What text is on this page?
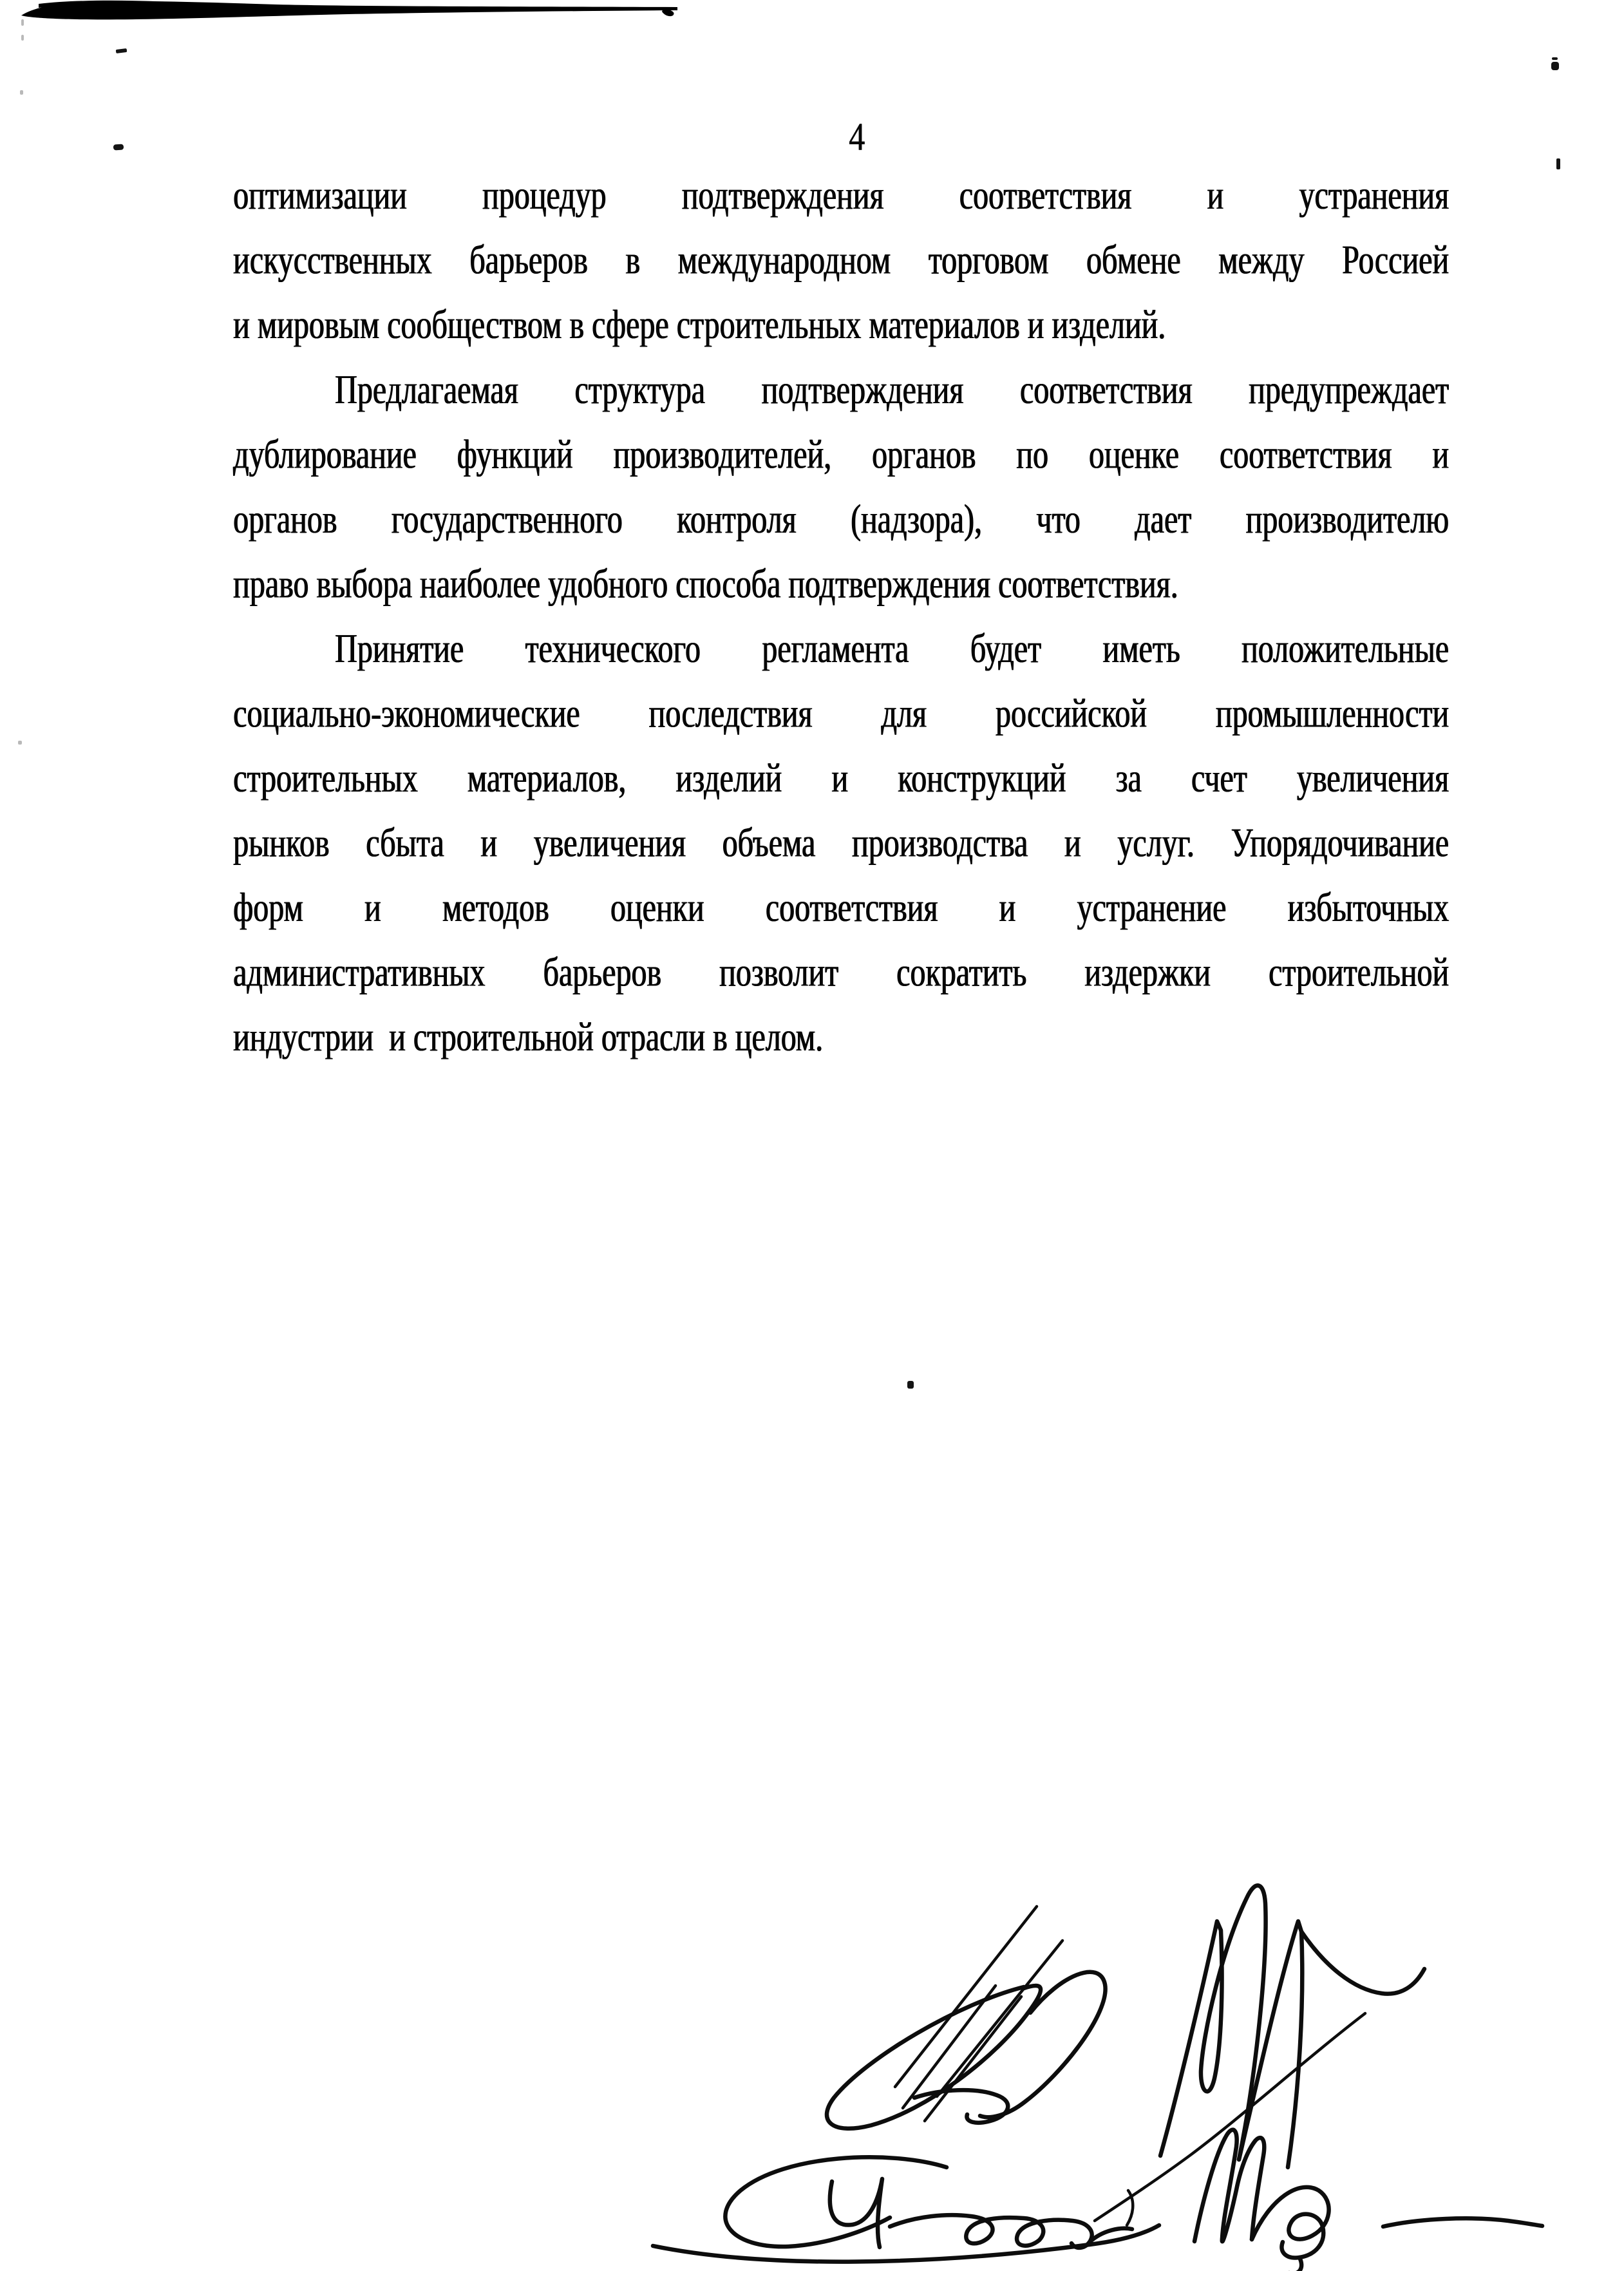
4
оптимизации процедур подтверждения соответствия и устранения
искусственных барьеров в международном торговом обмене между Россией
и мировым сообществом в сфере строительных материалов и изделий.
Предлагаемая структура подтверждения соответствия предупреждает
дублирование функций производителей, органов по оценке соответствия и
органов государственного контроля (надзора), что дает производителю
право выбора наиболее удобного способа подтверждения соответствия.
Принятие технического регламента будет иметь положительные
социально-экономические последствия для российской промышленности
строительных материалов, изделий и конструкций за счет увеличения
рынков сбыта и увеличения объема производства и услуг. Упорядочивание
форм и методов оценки соответствия и устранение избыточных
административных барьеров позволит сократить издержки строительной
индустрии  и строительной отрасли в целом.
